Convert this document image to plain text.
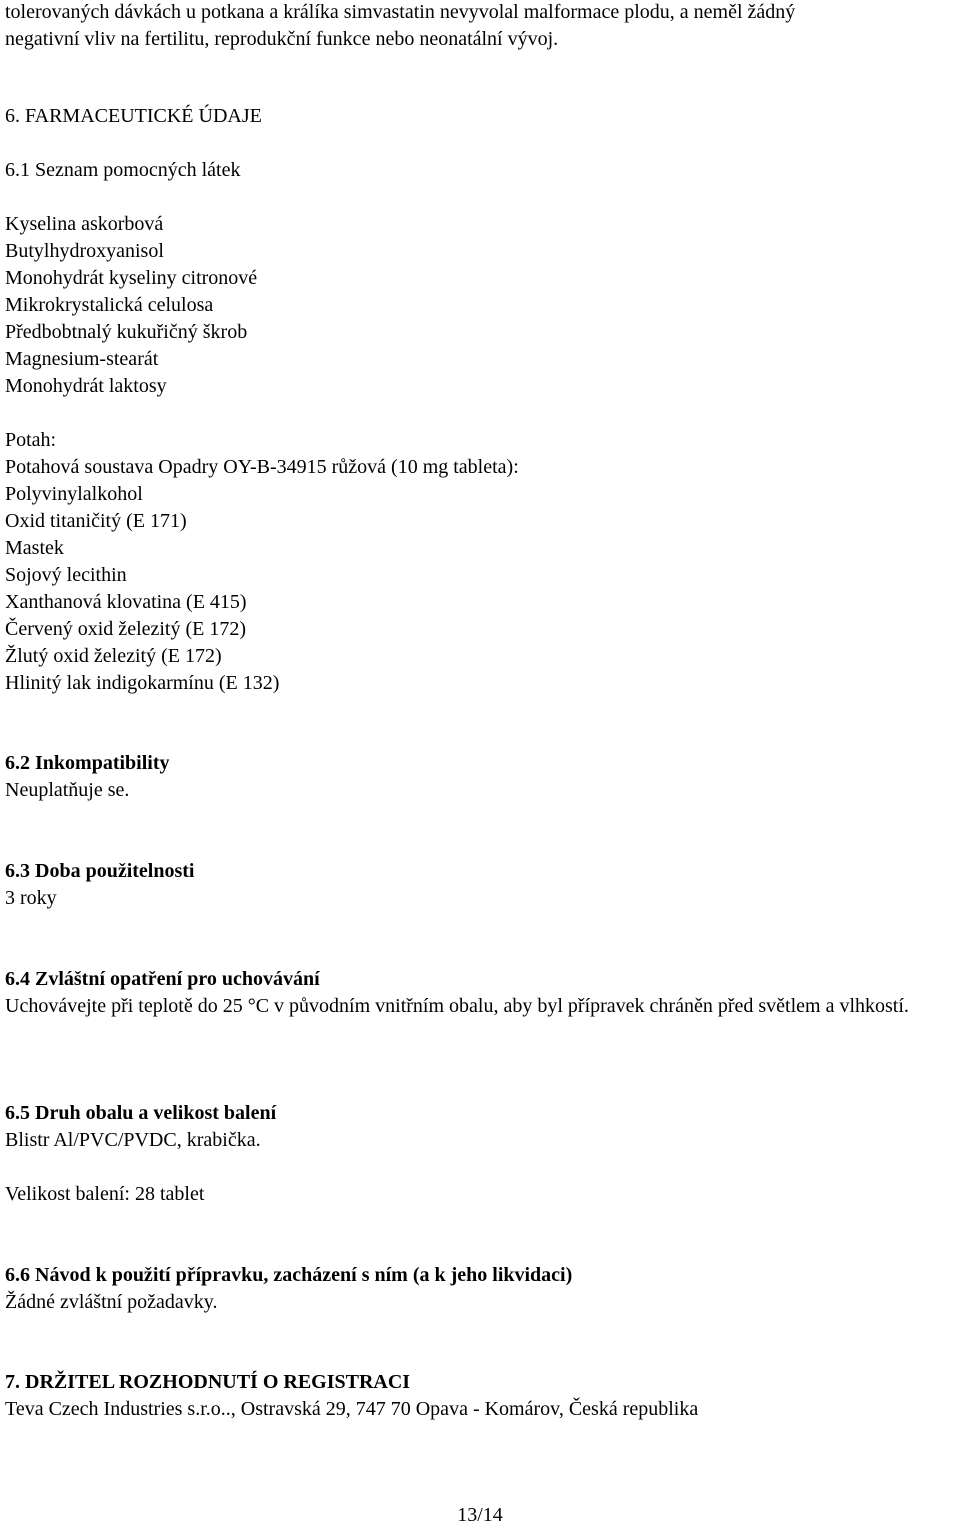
tolerovaných dávkách u potkana a králíka simvastatin nevyvolal malformace plodu, a neměl žádný
negativní vliv na fertilitu, reprodukční funkce nebo neonatální vývoj.
6. FARMACEUTICKÉ ÚDAJE
6.1 Seznam pomocných látek
Kyselina askorbová
Butylhydroxyanisol
Monohydrát kyseliny citronové
Mikrokrystalická celulosa
Předbobtnalý kukuřičný škrob
Magnesium-stearát
Monohydrát laktosy
Potah:
Potahová soustava Opadry OY-B-34915 růžová (10 mg tableta):
Polyvinylalkohol
Oxid titaničitý (E 171)
Mastek
Sojový lecithin
Xanthanová klovatina (E 415)
Červený oxid železitý (E 172)
Žlutý oxid železitý (E 172)
Hlinitý lak indigokarmínu (E 132)
6.2 Inkompatibility
Neuplatňuje se.
6.3 Doba použitelnosti
3 roky
6.4 Zvláštní opatření pro uchovávání
Uchovávejte při teplotě do 25 °C v původním vnitřním obalu, aby byl přípravek chráněn před světlem a vlhkostí.
6.5 Druh obalu a velikost balení
Blistr Al/PVC/PVDC, krabička.
Velikost balení: 28 tablet
6.6 Návod k použití přípravku, zacházení s ním (a k jeho likvidaci)
Žádné zvláštní požadavky.
7. DRŽITEL ROZHODNUTÍ O REGISTRACI
Teva Czech Industries s.r.o.., Ostravská 29, 747 70 Opava - Komárov, Česká republika
13/14
